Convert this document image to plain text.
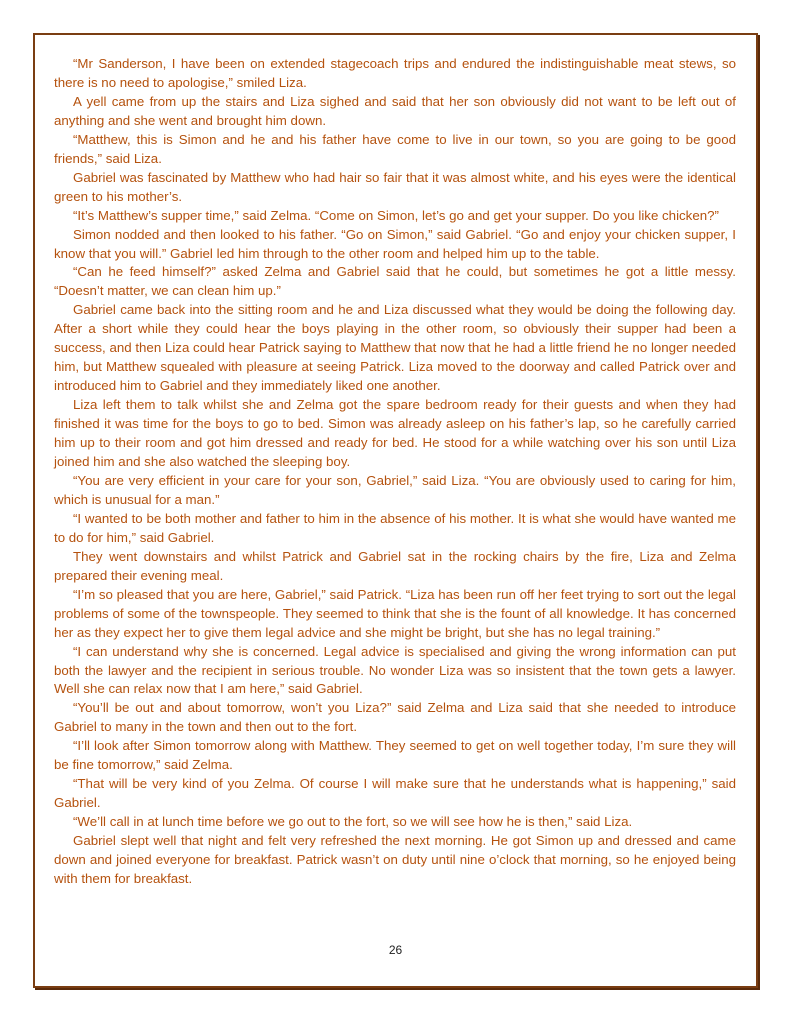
“Mr Sanderson, I have been on extended stagecoach trips and endured the indistinguishable meat stews, so there is no need to apologise,” smiled Liza.

A yell came from up the stairs and Liza sighed and said that her son obviously did not want to be left out of anything and she went and brought him down.

“Matthew, this is Simon and he and his father have come to live in our town, so you are going to be good friends,” said Liza.

Gabriel was fascinated by Matthew who had hair so fair that it was almost white, and his eyes were the identical green to his mother’s.

“It’s Matthew’s supper time,” said Zelma. “Come on Simon, let’s go and get your supper. Do you like chicken?”

Simon nodded and then looked to his father. “Go on Simon,” said Gabriel. “Go and enjoy your chicken supper, I know that you will.” Gabriel led him through to the other room and helped him up to the table.

“Can he feed himself?” asked Zelma and Gabriel said that he could, but sometimes he got a little messy. “Doesn’t matter, we can clean him up.”

Gabriel came back into the sitting room and he and Liza discussed what they would be doing the following day. After a short while they could hear the boys playing in the other room, so obviously their supper had been a success, and then Liza could hear Patrick saying to Matthew that now that he had a little friend he no longer needed him, but Matthew squealed with pleasure at seeing Patrick. Liza moved to the doorway and called Patrick over and introduced him to Gabriel and they immediately liked one another.

Liza left them to talk whilst she and Zelma got the spare bedroom ready for their guests and when they had finished it was time for the boys to go to bed. Simon was already asleep on his father’s lap, so he carefully carried him up to their room and got him dressed and ready for bed. He stood for a while watching over his son until Liza joined him and she also watched the sleeping boy.

“You are very efficient in your care for your son, Gabriel,” said Liza. “You are obviously used to caring for him, which is unusual for a man.”

“I wanted to be both mother and father to him in the absence of his mother. It is what she would have wanted me to do for him,” said Gabriel.

They went downstairs and whilst Patrick and Gabriel sat in the rocking chairs by the fire, Liza and Zelma prepared their evening meal.

“I’m so pleased that you are here, Gabriel,” said Patrick. “Liza has been run off her feet trying to sort out the legal problems of some of the townspeople. They seemed to think that she is the fount of all knowledge. It has concerned her as they expect her to give them legal advice and she might be bright, but she has no legal training.”

“I can understand why she is concerned. Legal advice is specialised and giving the wrong information can put both the lawyer and the recipient in serious trouble. No wonder Liza was so insistent that the town gets a lawyer. Well she can relax now that I am here,” said Gabriel.

“You’ll be out and about tomorrow, won’t you Liza?” said Zelma and Liza said that she needed to introduce Gabriel to many in the town and then out to the fort.

“I’ll look after Simon tomorrow along with Matthew. They seemed to get on well together today, I’m sure they will be fine tomorrow,” said Zelma.

“That will be very kind of you Zelma. Of course I will make sure that he understands what is happening,” said Gabriel.

“We’ll call in at lunch time before we go out to the fort, so we will see how he is then,” said Liza.

Gabriel slept well that night and felt very refreshed the next morning. He got Simon up and dressed and came down and joined everyone for breakfast. Patrick wasn’t on duty until nine o’clock that morning, so he enjoyed being with them for breakfast.

26
